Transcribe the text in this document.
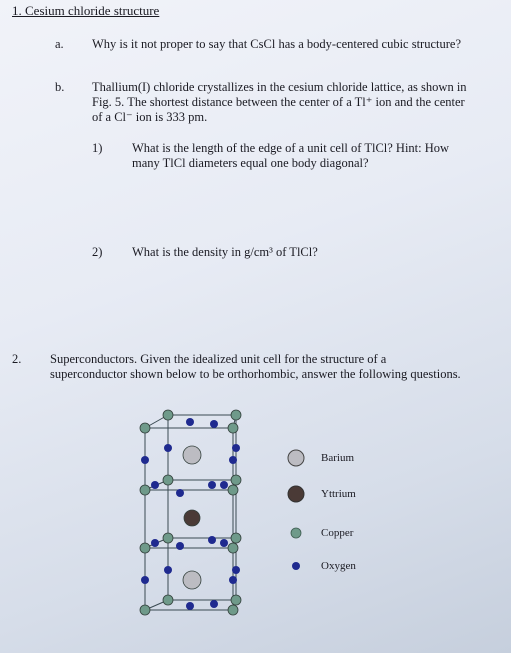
1. Cesium chloride structure
a. Why is it not proper to say that CsCl has a body-centered cubic structure?
b. Thallium(I) chloride crystallizes in the cesium chloride lattice, as shown in
Fig. 5. The shortest distance between the center of a Tl⁺ ion and the center
of a Cl⁻ ion is 333 pm.
1) What is the length of the edge of a unit cell of TlCl? Hint: How
many TlCl diameters equal one body diagonal?
2) What is the density in g/cm³ of TlCl?
2. Superconductors. Given the idealized unit cell for the structure of a
superconductor shown below to be orthorhombic, answer the following questions.
Barium
Yttrium
Copper
Oxygen
